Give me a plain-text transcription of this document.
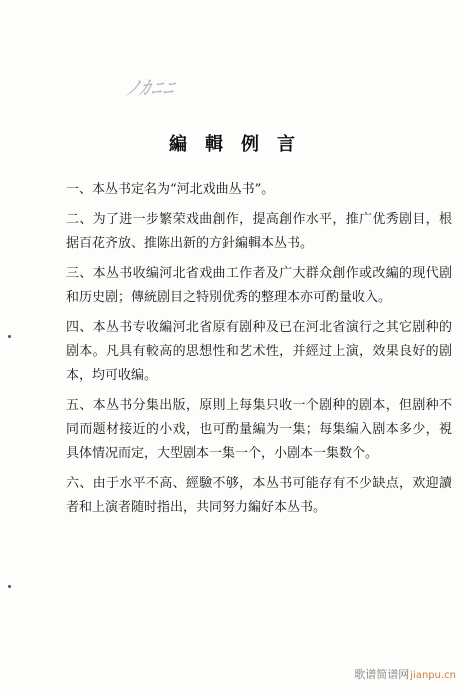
ﾉｶﾆﾆ
編輯例言

一、本丛书定名为“河北戏曲丛书”。

二、为了进一步繁荣戏曲創作，提高創作水平，推广优秀剧目，根据百花齐放、推陈出新的方針編輯本丛书。

三、本丛书收编河北省戏曲工作者及广大群众創作或改編的现代剧和历史剧；傳統剧目之特別优秀的整理本亦可酌量收入。

四、本丛书专收編河北省原有剧种及已在河北省演行之其它剧种的剧本。凡具有較高的思想性和艺术性，并經过上演，效果良好的剧本，均可收编。

五、本丛书分集出版，原則上每集只收一个剧种的剧本，但剧种不同而题材接近的小戏，也可酌量編为一集；每集编入剧本多少，視具体情况而定，大型剧本一集一个，小剧本一集数个。

六、由于水平不高、經驗不够，本丛书可能存有不少缺点，欢迎讀者和上演者随时指出，共同努力編好本丛书。

歌谱简谱网 jianpu.cn
